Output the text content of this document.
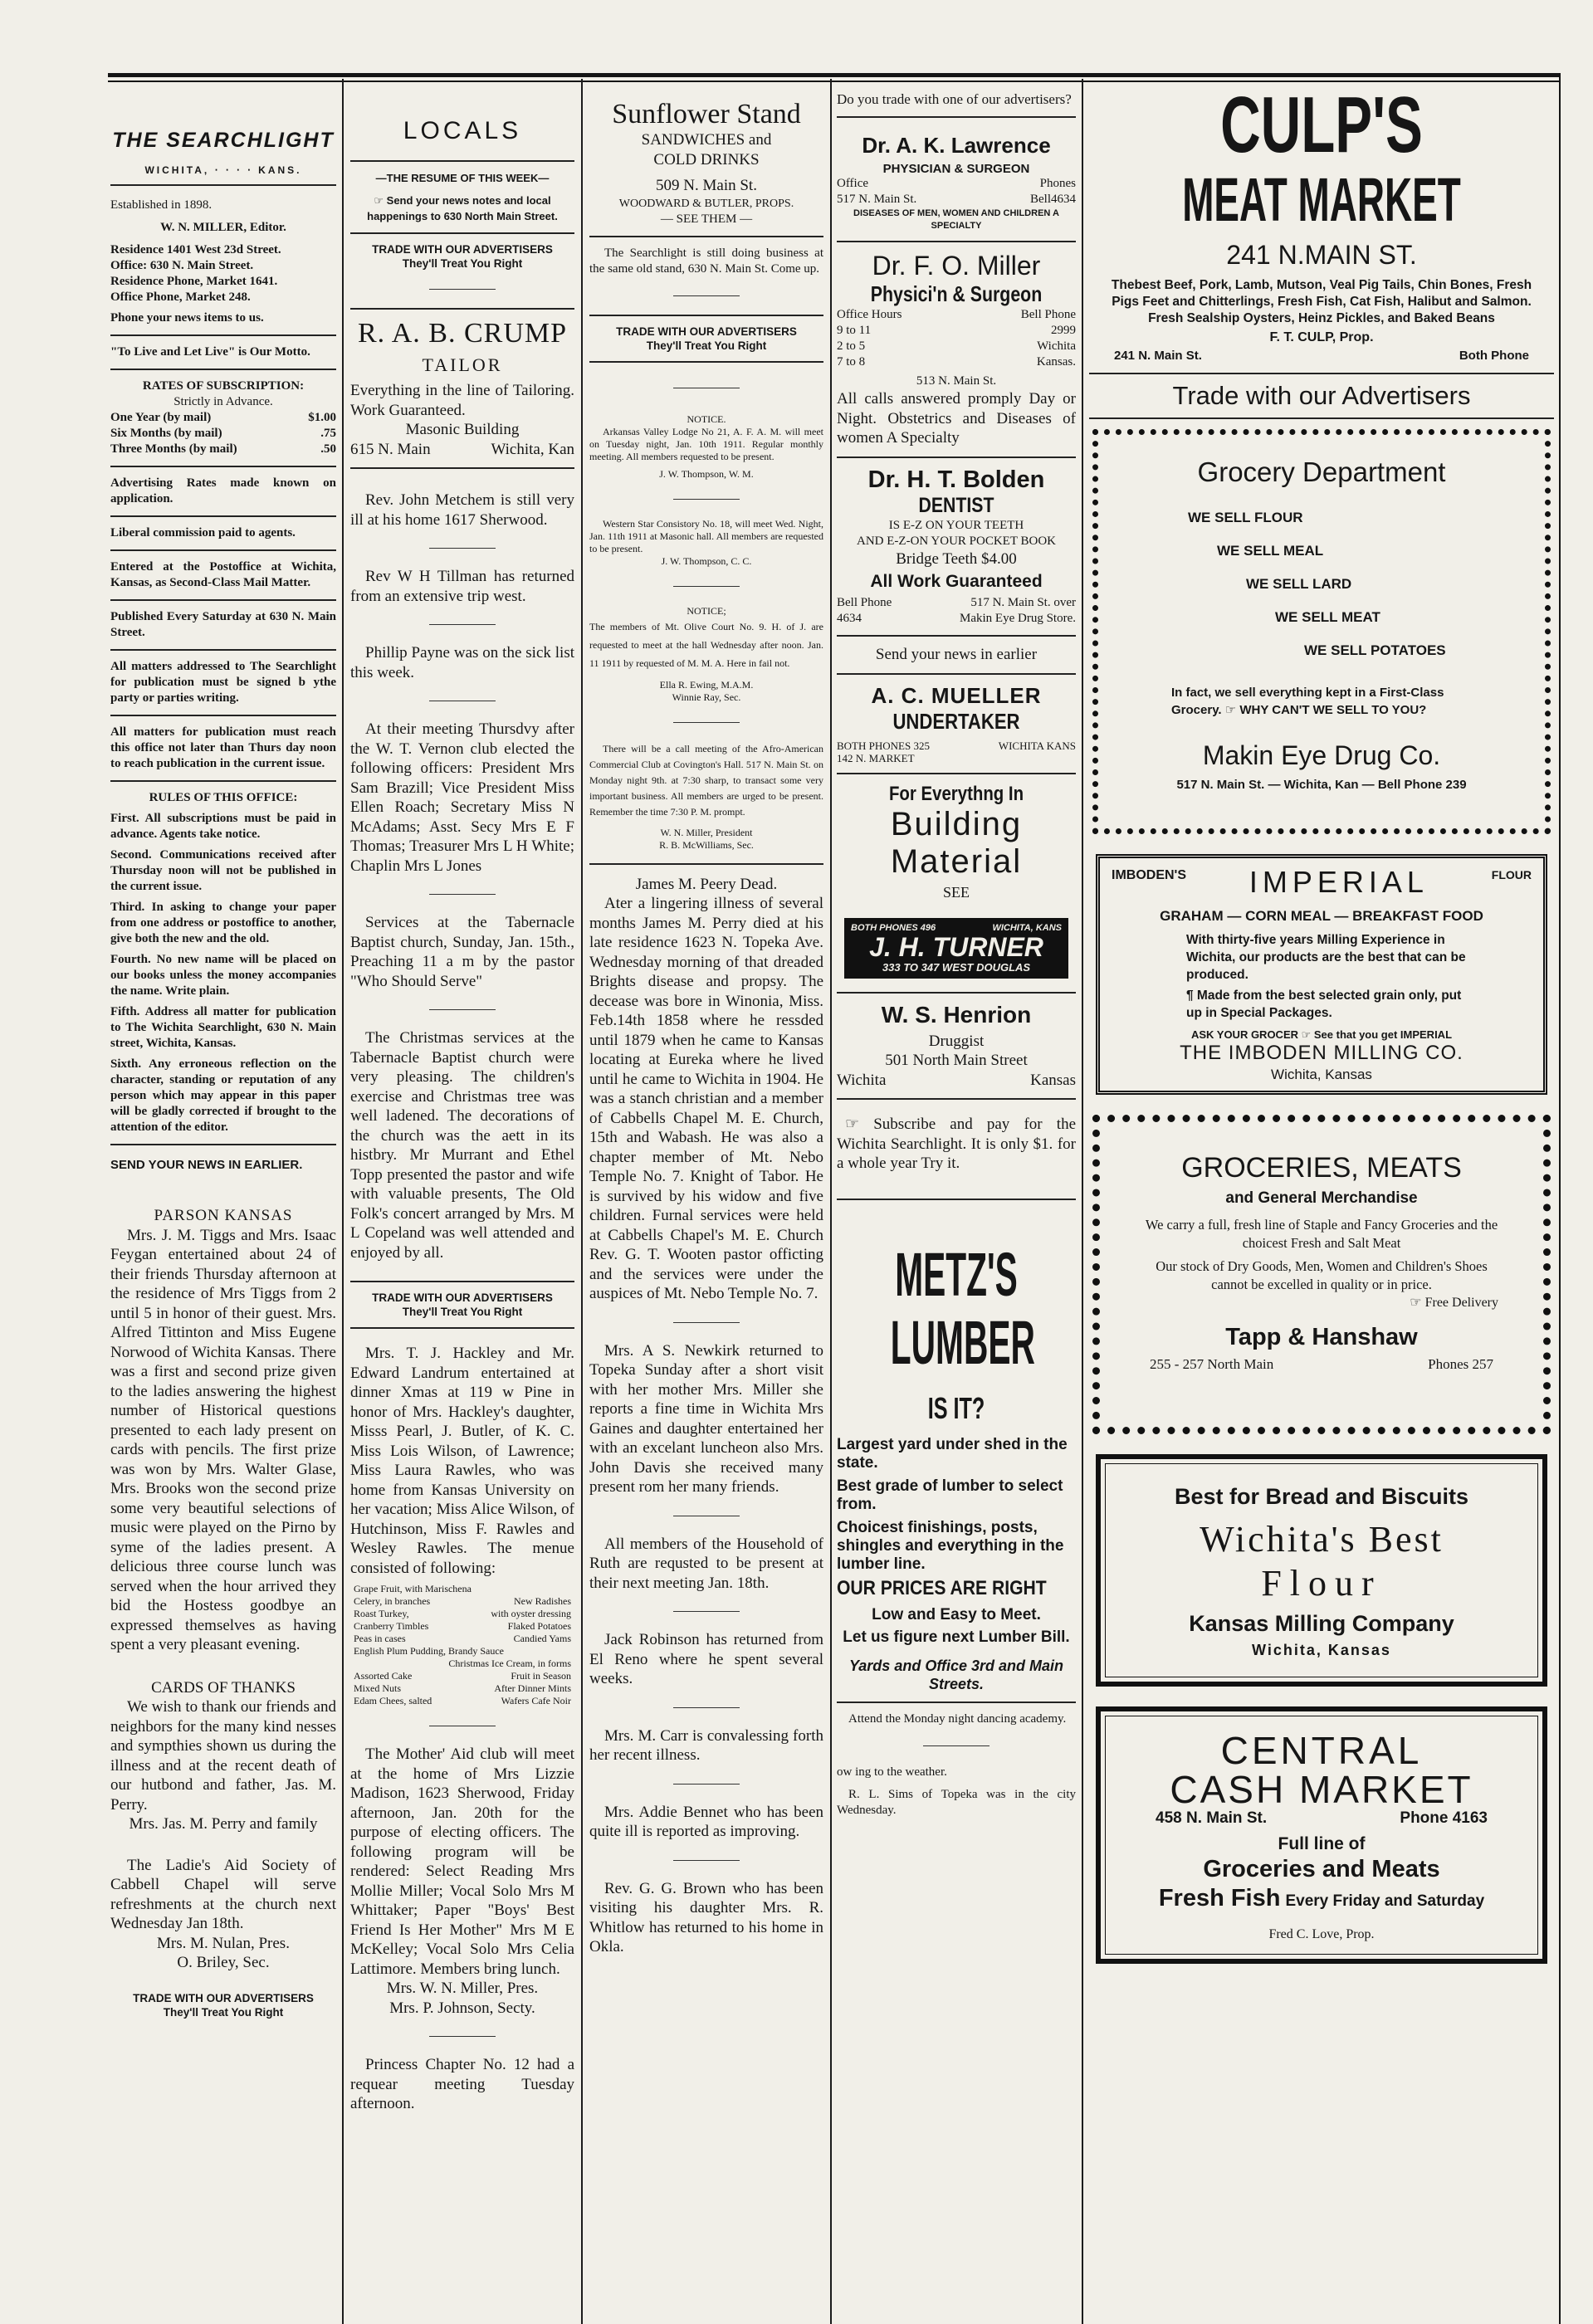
THE SEARCHLIGHT
WICHITA, ‧ ‧ ‧ ‧ KANS.
Established in 1898.
W. N. MILLER, Editor.
Residence 1401 West 23d Street.
Office: 630 N. Main Street.
Residence Phone, Market 1641.
Office Phone, Market 248.
Phone your news items to us.
"To Live and Let Live" is Our Motto.
RATES OF SUBSCRIPTION:
Strictly in Advance.
One Year (by mail)	$1.00
Six Months (by mail)	.75
Three Months (by mail)	.50
Advertising Rates made known on application.
Liberal commission paid to agents.
Entered at the Postoffice at Wichita, Kansas, as Second-Class Mail Matter.
Published Every Saturday at 630 N. Main Street.
All matters addressed to The Searchlight for publication must be signed b ythe party or parties writing.
All matters for publication must reach this office not later than Thurs day noon to reach publication in the current issue.
RULES OF THIS OFFICE:
First. All subscriptions must be paid in advance. Agents take notice.
Second. Communications received after Thursday noon will not be published in the current issue.
Third. In asking to change your paper from one address or postoffice to another, give both the new and the old.
Fourth. No new name will be placed on our books unless the money accompanies the name. Write plain.
Fifth. Address all matter for publication to The Wichita Searchlight, 630 N. Main street, Wichita, Kansas.
Sixth. Any erroneous reflection on the character, standing or reputation of any person which may appear in this paper will be gladly corrected if brought to the attention of the editor.
SEND YOUR NEWS IN EARLIER.
PARSON KANSAS
Mrs. J. M. Tiggs and Mrs. Isaac Feygan entertained about 24 of their friends Thursday afternoon at the residence of Mrs Tiggs from 2 until 5 in honor of their guest. Mrs. Alfred Tittinton and Miss Eugene Norwood of Wichita Kansas. There was a first and second prize given to the ladies answering the highest number of Historical questions presented to each lady present on cards with pencils. The first prize was won by Mrs. Walter Glase, Mrs. Brooks won the second prize some very beautiful selections of music were played on the Pirno by syme of the ladies present. A delicious three course lunch was served when the hour arrived they bid the Hostess goodbye an expressed themselves as having spent a very pleasant evening.
CARDS OF THANKS
We wish to thank our friends and neighbors for the many kind nesses and sympthies shown us during the illness and at the recent death of our hutbond and father, Jas. M. Perry.
Mrs. Jas. M. Perry and family
The Ladie's Aid Society of Cabbell Chapel will serve refreshments at the church next Wednesday Jan 18th.
Mrs. M. Nulan, Pres.
O. Briley, Sec.
TRADE WITH OUR ADVERTISERS
They'll Treat You Right
LOCALS
—THE RESUME OF THIS WEEK—
☞ Send your news notes and local happenings to 630 North Main Street.
TRADE WITH OUR ADVERTISERS
They'll Treat You Right
R. A. B. CRUMP
TAILOR
Everything in the line of Tailoring. Work Guaranteed.
Masonic Building
615 N. Main	Wichita, Kan
Rev. John Metchem is still very ill at his home 1617 Sherwood.
Rev W H Tillman has returned from an extensive trip west.
Phillip Payne was on the sick list this week.
At their meeting Thursdvy after the W. T. Vernon club elected the following officers: President Mrs Sam Brazill; Vice President Miss Ellen Roach; Secretary Miss N McAdams; Asst. Secy Mrs E F Thomas; Treasurer Mrs L H White; Chaplin Mrs L Jones
Services at the Tabernacle Baptist church, Sunday, Jan. 15th., Preaching 11 a m by the pastor "Who Should Serve"
The Christmas services at the Tabernacle Baptist church were very pleasing. The children's exercise and Christmas tree was well ladened. The decorations of the church was the aett in its histbry. Mr Murrant and Ethel Topp presented the pastor and wife with valuable presents, The Old Folk's concert arranged by Mrs. M L Copeland was well attended and enjoyed by all.
TRADE WITH OUR ADVERTISERS
They'll Treat You Right
Mrs. T. J. Hackley and Mr. Edward Landrum entertained at dinner Xmas at 119 w Pine in honor of Mrs. Hackley's daughter, Misss Pearl, J. Butler, of K. C. Miss Lois Wilson, of Lawrence; Miss Laura Rawles, who was home from Kansas University on her vacation; Miss Alice Wilson, of Hutchinson, Miss F. Rawles and Wesley Rawles. The menue consisted of following:
Grape Fruit, with Marischena
Celery, in branches	New Radishes
Roast Turkey,	with oyster dressing
Cranberry Timbles	Flaked Potatoes
Peas in cases	Candied Yams
English Plum Pudding, Brandy Sauce
Christmas Ice Cream, in forms
Assorted Cake	Fruit in Season
Mixed Nuts	After Dinner Mints
Edam Chees, salted	Wafers Cafe Noir
The Mother' Aid club will meet at the home of Mrs Lizzie Madison, 1623 Sherwood, Friday afternoon, Jan. 20th for the purpose of electing officers. The following program will be rendered: Select Reading Mrs Mollie Miller; Vocal Solo Mrs M Whittaker; Paper "Boys' Best Friend Is Her Mother" Mrs M E McKelley; Vocal Solo Mrs Celia Lattimore. Members bring lunch.
Mrs. W. N. Miller, Pres.
Mrs. P. Johnson, Secty.
Princess Chapter No. 12 had a requear meeting Tuesday afternoon.
Sunflower Stand
SANDWICHES and
COLD DRINKS
509 N. Main St.
WOODWARD & BUTLER, PROPS.
— SEE THEM —
The Searchlight is still doing business at the same old stand, 630 N. Main St. Come up.
TRADE WITH OUR ADVERTISERS
They'll Treat You Right
NOTICE.
Arkansas Valley Lodge No 21, A. F. A. M. will meet on Tuesday night, Jan. 10th 1911. Regular monthly meeting. All members requested to be present.
J. W. Thompson, W. M.
Western Star Consistory No. 18, will meet Wed. Night, Jan. 11th 1911 at Masonic hall. All members are requested to be present.
J. W. Thompson, C. C.
NOTICE;
The members of Mt. Olive Court No. 9. H. of J. are requested to meet at the hall Wednesday after noon. Jan. 11 1911 by requested of M. M. A. Here in fail not.
Ella R. Ewing, M.A.M.
Winnie Ray, Sec.
There will be a call meeting of the Afro-American Commercial Club at Covington's Hall. 517 N. Main St. on Monday night 9th. at 7:30 sharp, to transact some very important business. All members are urged to be present. Remember the time 7:30 P. M. prompt.
W. N. Miller, President
R. B. McWilliams, Sec.
James M. Peery Dead.
Ater a lingering illness of several months James M. Perry died at his late residence 1623 N. Topeka Ave. Wednesday morning of that dreaded Brights disease and propsy. The decease was bore in Winonia, Miss. Feb.14th 1858 where he ressded until 1879 when he came to Kansas locating at Eureka where he lived until he came to Wichita in 1904. He was a stanch christian and a member of Cabbells Chapel M. E. Church, 15th and Wabash. He was also a chapter member of Mt. Nebo Temple No. 7. Knight of Tabor. He is survived by his widow and five children. Furnal services were held at Cabbells Chapel's M. E. Church Rev. G. T. Wooten pastor officting and the services were under the auspices of Mt. Nebo Temple No. 7.
Mrs. A S. Newkirk returned to Topeka Sunday after a short visit with her mother Mrs. Miller she reports a fine time in Wichita Mrs Gaines and daughter entertained her with an excelant luncheon also Mrs. John Davis she received many present rom her many friends.
All members of the Household of Ruth are requsted to be present at their next meeting Jan. 18th.
Jack Robinson has returned from El Reno where he spent several weeks.
Mrs. M. Carr is convalessing forth her recent illness.
Mrs. Addie Bennet who has been quite ill is reported as improving.
Rev. G. G. Brown who has been visiting his daughter Mrs. R. Whitlow has returned to his home in Okla.
Do you trade with one of our advertisers?
Dr. A. K. Lawrence
PHYSICIAN & SURGEON
Office	Phones
517 N. Main St.	Bell4634
DISEASES OF MEN, WOMEN AND CHILDREN A SPECIALTY
Dr. F. O. Miller
Physici'n & Surgeon
Office Hours	Bell Phone
9 to 11	2999
2 to 5	Wichita
7 to 8	Kansas.
513 N. Main St.
All calls answered promply Day or Night. Obstetrics and Diseases of women A Specialty
Dr. H. T. Bolden
DENTIST
IS E-Z ON YOUR TEETH
AND E-Z-ON YOUR POCKET BOOK
Bridge Teeth $4.00
All Work Guaranteed
Bell Phone	517 N. Main St. over
4634	Makin Eye Drug Store.
Send your news in earlier
A. C. MUELLER
UNDERTAKER
BOTH PHONES 325	WICHITA KANS
142 N. MARKET
For Everythng In
Building
Material
SEE
BOTH PHONES 496	WICHITA, KANS
J. H. TURNER
333 TO 347 WEST DOUGLAS
W. S. Henrion
Druggist
501 North Main Street
Wichita	Kansas
☞ Subscribe and pay for the Wichita Searchlight. It is only $1. for a whole year Try it.
METZ'S
LUMBER
IS IT?
Largest yard under shed in the state.
Best grade of lumber to select from.
Choicest finishings, posts, shingles and everything in the lumber line.
OUR PRICES ARE RIGHT
Low and Easy to Meet.
Let us figure next Lumber Bill.
Yards and Office 3rd and Main Streets.
Attend the Monday night dancing academy.
ow ing to the weather.
R. L. Sims of Topeka was in the city Wednesday.
CULP'S
MEAT MARKET
241 N.MAIN ST.
Thebest Beef, Pork, Lamb, Mutson, Veal Pig Tails, Chin Bones, Fresh Pigs Feet and Chitterlings, Fresh Fish, Cat Fish, Halibut and Salmon. Fresh Sealship Oysters, Heinz Pickles, and Baked Beans
F. T. CULP, Prop.
241 N. Main St.	Both Phone
Trade with our Advertisers
Grocery Department
WE SELL FLOUR
WE SELL MEAL
WE SELL LARD
WE SELL MEAT
WE SELL POTATOES
In fact, we sell everything kept in a First-Class Grocery. ☞ WHY CAN'T WE SELL TO YOU?
Makin Eye Drug Co.
517 N. Main St. — Wichita, Kan — Bell Phone 239
IMBODEN'S IMPERIAL	FLOUR
GRAHAM — CORN MEAL — BREAKFAST FOOD
With thirty-five years Milling Experience in Wichita, our products are the best that can be produced.
¶ Made from the best selected grain only, put up in Special Packages.
ASK YOUR GROCER ☞ See that you get IMPERIAL
THE IMBODEN MILLING CO.
Wichita, Kansas
GROCERIES, MEATS
and General Merchandise
We carry a full, fresh line of Staple and Fancy Groceries and the choicest Fresh and Salt Meat
Our stock of Dry Goods, Men, Women and Children's Shoes cannot be excelled in quality or in price.
☞ Free Delivery
Tapp & Hanshaw
255 - 257 North Main	Phones 257
Best for Bread and Biscuits
Wichita's Best
Flour
Kansas Milling Company
Wichita, Kansas
CENTRAL
CASH MARKET
458 N. Main St.	Phone 4163
Full line of
Groceries and Meats
Fresh Fish Every Friday and Saturday
Fred C. Love, Prop.
